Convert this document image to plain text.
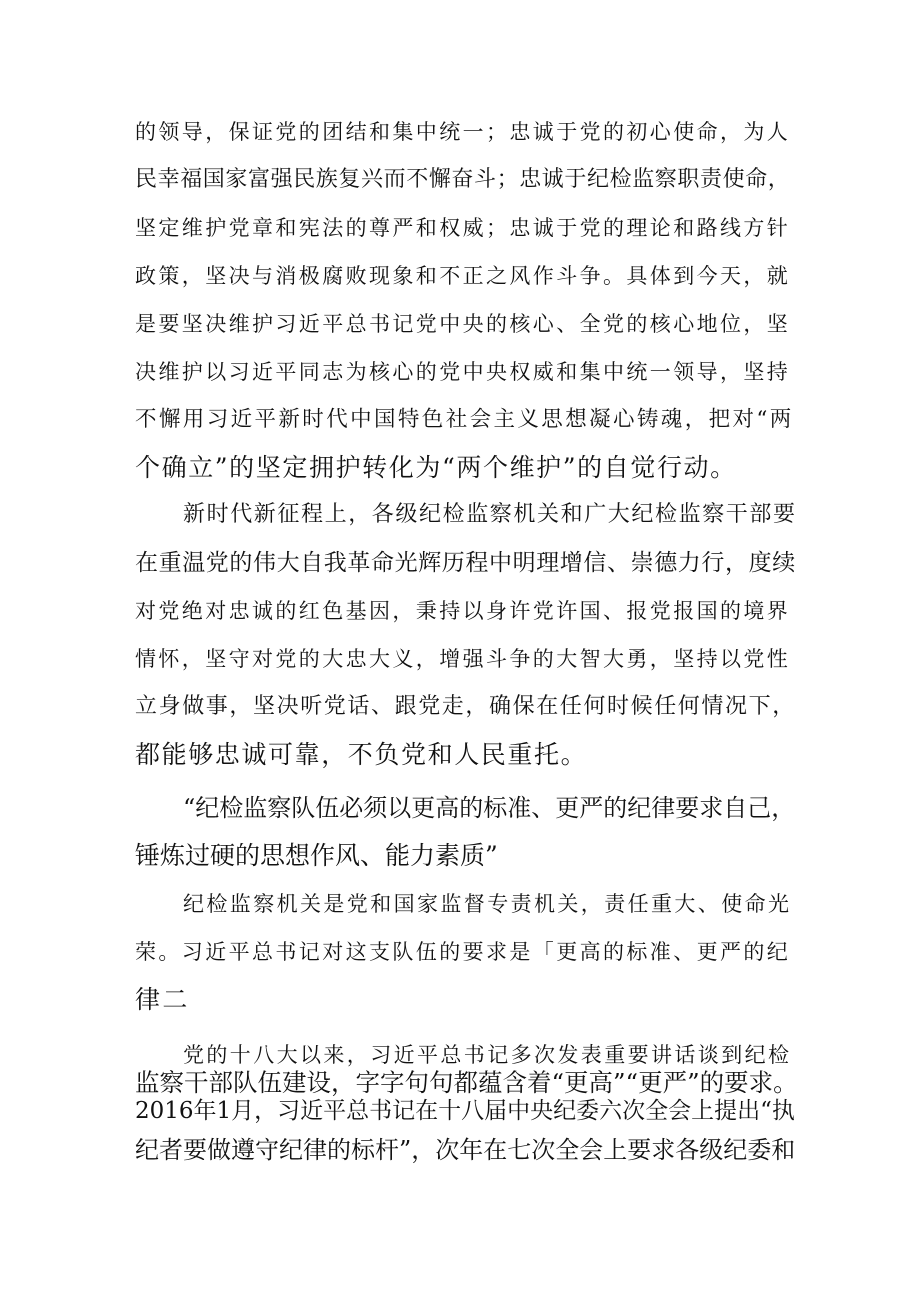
的领导，保证党的团结和集中统一；忠诚于党的初心使命，为人

民幸福国家富强民族复兴而不懈奋斗；忠诚于纪检监察职责使命，

坚定维护党章和宪法的尊严和权威；忠诚于党的理论和路线方针

政策，坚决与消极腐败现象和不正之风作斗争。具体到今天，就

是要坚决维护习近平总书记党中央的核心、全党的核心地位，坚

决维护以习近平同志为核心的党中央权威和集中统一领导，坚持

不懈用习近平新时代中国特色社会主义思想凝心铸魂，把对“两

个确立”的坚定拥护转化为“两个维护”的自觉行动。

新时代新征程上，各级纪检监察机关和广大纪检监察干部要

在重温党的伟大自我革命光辉历程中明理增信、崇德力行，度续

对党绝对忠诚的红色基因，秉持以身许党许国、报党报国的境界

情怀，坚守对党的大忠大义，增强斗争的大智大勇，坚持以党性

立身做事，坚决听党话、跟党走，确保在任何时候任何情况下，

都能够忠诚可靠，不负党和人民重托。

“纪检监察队伍必须以更高的标准、更严的纪律要求自己，

锤炼过硬的思想作风、能力素质”

纪检监察机关是党和国家监督专责机关，责任重大、使命光

荣。习近平总书记对这支队伍的要求是「更高的标准、更严的纪

律二

党的十八大以来，习近平总书记多次发表重要讲话谈到纪检

监察干部队伍建设，字字句句都蕴含着“更高”“更严”的要求。

2016年1月，习近平总书记在十八届中央纪委六次全会上提出“执

纪者要做遵守纪律的标杆”，次年在七次全会上要求各级纪委和
